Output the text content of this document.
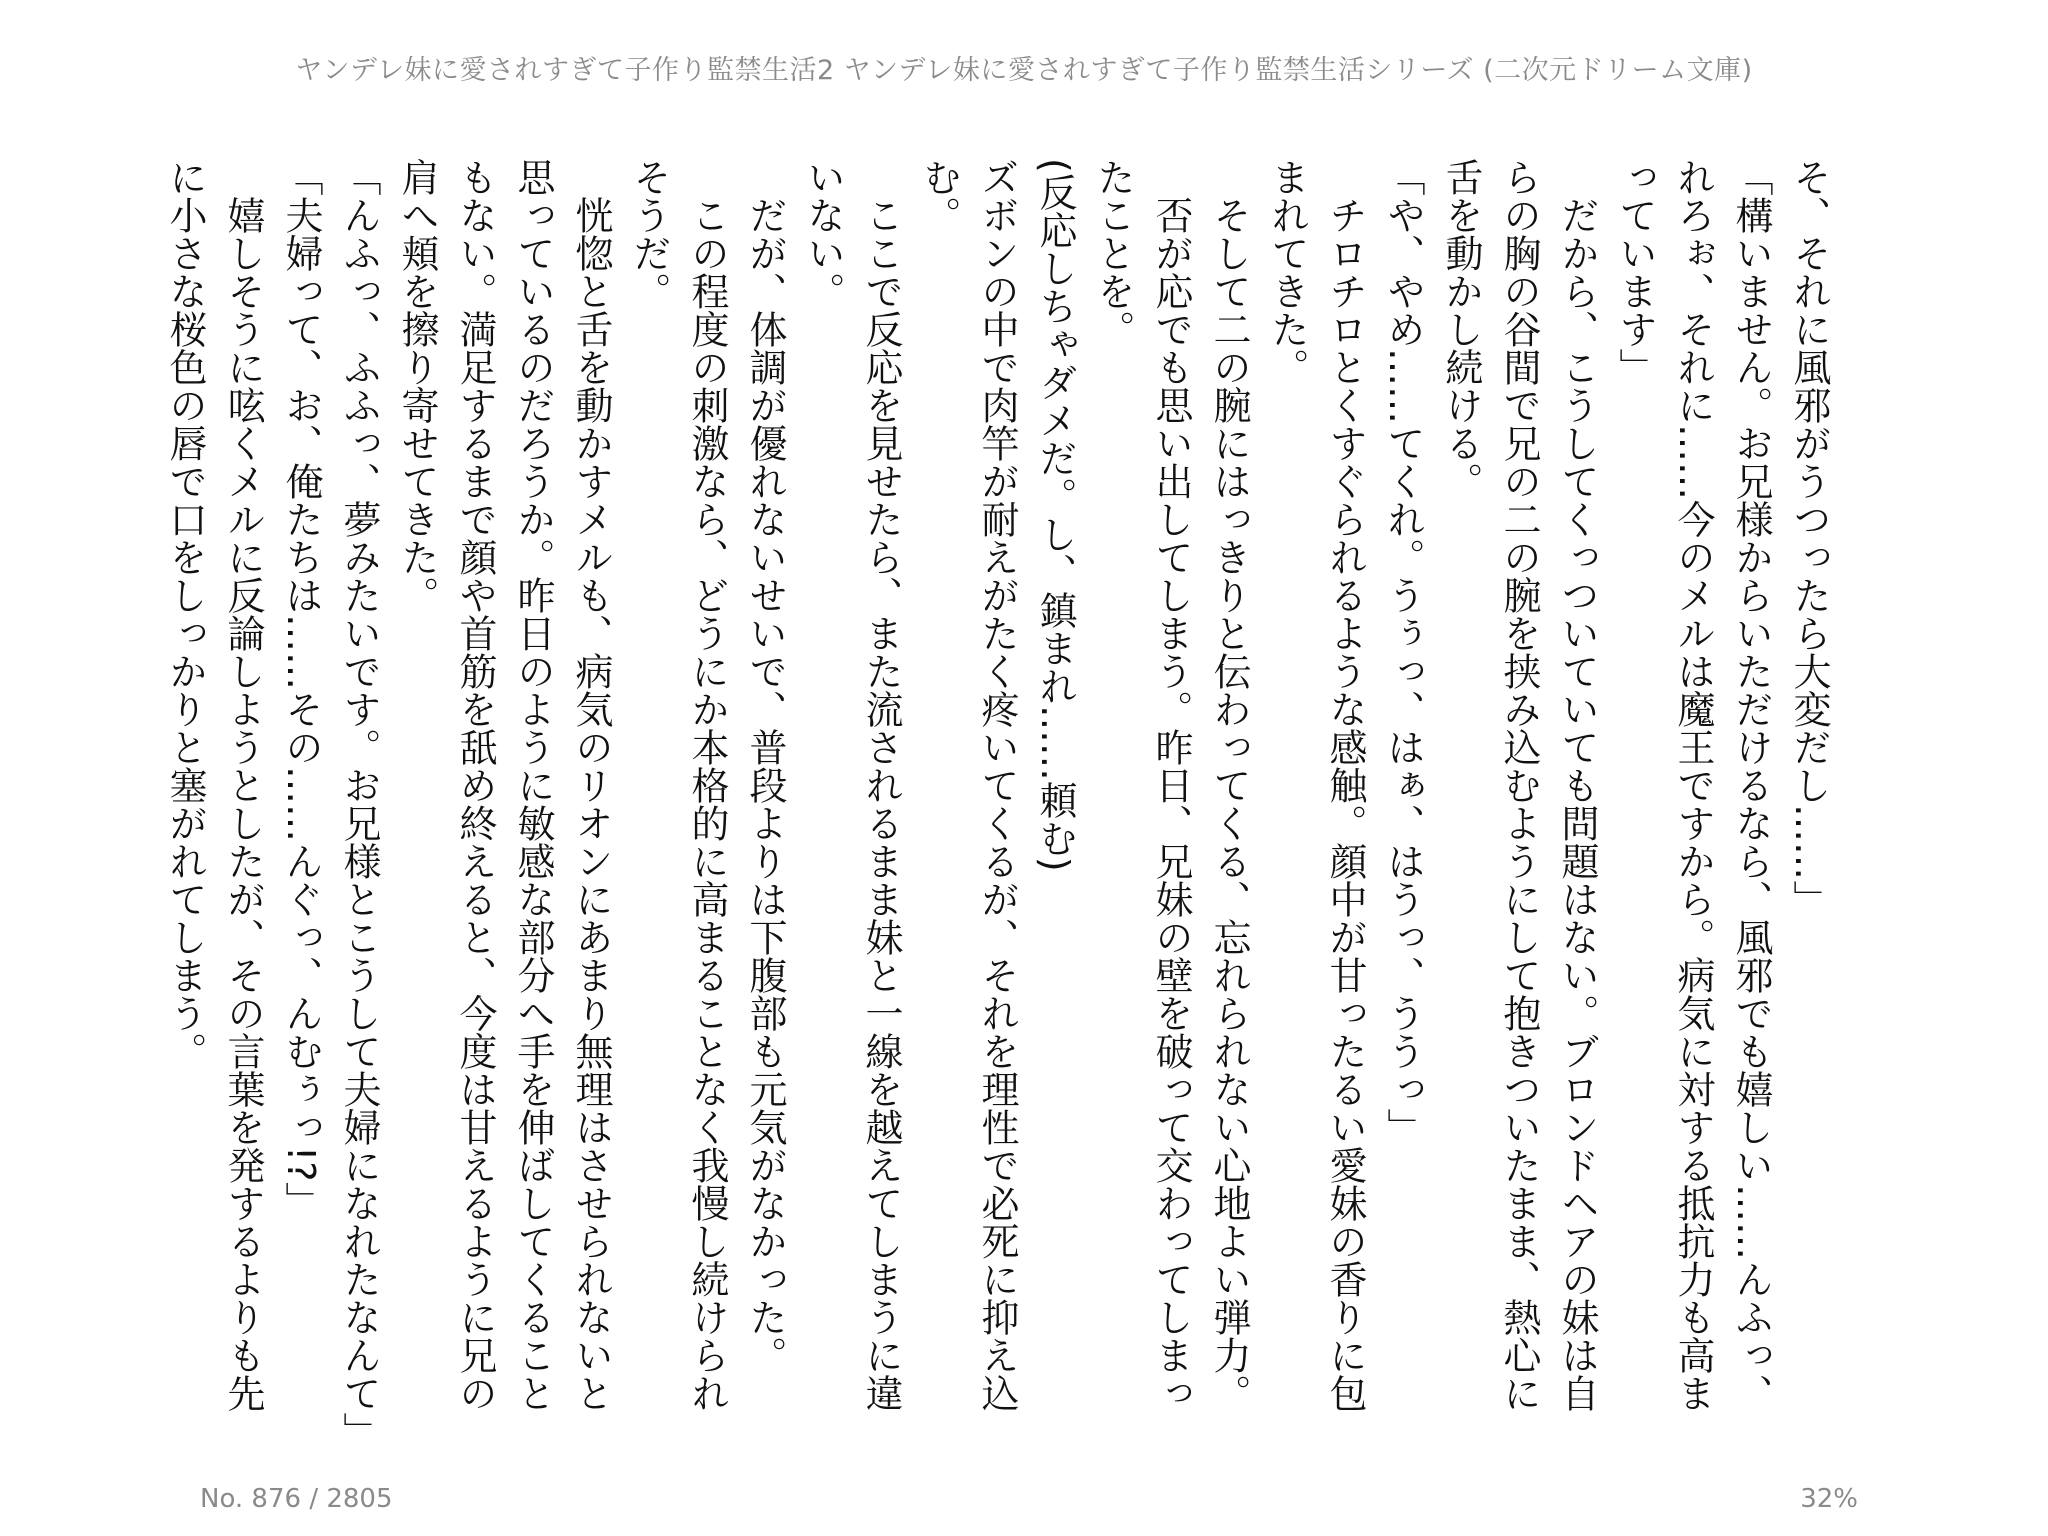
ヤンデレ妹に愛されすぎて子作り監禁生活2 ヤンデレ妹に愛されすぎて子作り監禁生活シリーズ (二次元ドリーム文庫)

そ、それに風邪がうつったら大変だし……」

「構いません。お兄様からいただけるなら、風邪でも嬉しい……んふっ、れろぉ、それに……今のメルは魔王ですから。病気に対する抵抗力も高まっています」

だから、こうしてくっついていても問題はない。ブロンドヘアの妹は自らの胸の谷間で兄の二の腕を挟み込むようにして抱きついたまま、熱心に舌を動かし続ける。

「や、やめ……てくれ。うぅっ、はぁ、はうっ、ううっ」

チロチロとくすぐられるような感触。顔中が甘ったるい愛妹の香りに包まれてきた。

そして二の腕にはっきりと伝わってくる、忘れられない心地よい弾力。

否が応でも思い出してしまう。昨日、兄妹の壁を破って交わってしまったことを。

(反応しちゃダメだ。し、鎮まれ……頼む)

ズボンの中で肉竿が耐えがたく疼いてくるが、それを理性で必死に抑え込む。

ここで反応を見せたら、また流されるまま妹と一線を越えてしまうに違いない。

だが、体調が優れないせいで、普段よりは下腹部も元気がなかった。

この程度の刺激なら、どうにか本格的に高まることなく我慢し続けられそうだ。

恍惚と舌を動かすメルも、病気のリオンにあまり無理はさせられないと思っているのだろうか。昨日のように敏感な部分へ手を伸ばしてくることもない。満足するまで顔や首筋を舐め終えると、今度は甘えるように兄の肩へ頬を擦り寄せてきた。

「んふっ、ふふっ、夢みたいです。お兄様とこうして夫婦になれたなんて」

「夫婦って、お、俺たちは……その……んぐっ、んむぅっ!?」

嬉しそうに呟くメルに反論しようとしたが、その言葉を発するよりも先に小さな桜色の唇で口をしっかりと塞がれてしまう。

No. 876 / 2805	32%
